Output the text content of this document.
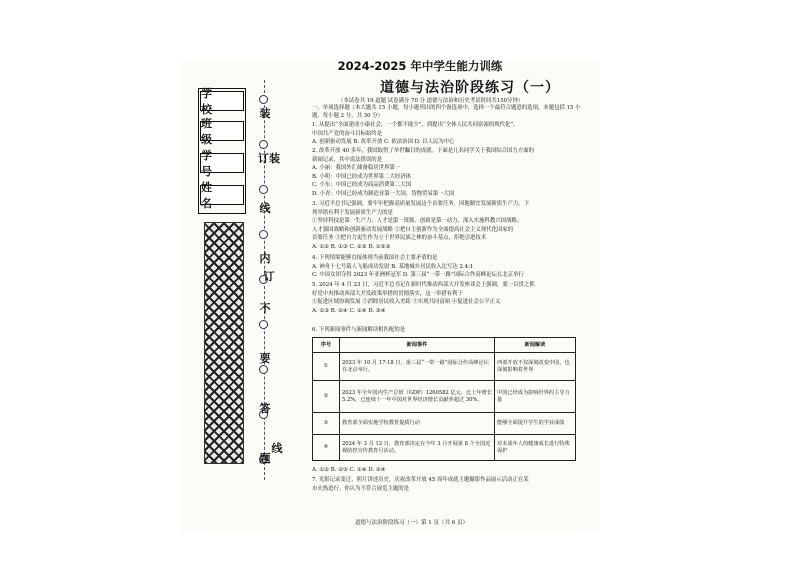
学 校
班 级
学 号
姓 名
装
订装
线
内
不
订
要
答
线
题
2024-2025 年中学生能力训练
道德与法治阶段练习（一）
（本试卷共 19 道题 试卷满分 70 分 道德与法治和历史考试时间共150分钟）
一、单项选择题（本大题共 15 小题，每小题列出的四个备选项中，选择一个最符合题意的选项，本题包括 15 小
题，每小题 2 分，共 30 分）
1. 从提出“全面建成小康社会，一个都不能少”，到提出“全体人民共同富裕的现代化”，
中国共产党的奋斗目标始终是
A. 创新驱动发展 B. 改革开放 C. 依法治国 D. 以人民为中心
2. 改革开放 40 多年，我国取得了举世瞩目的成就。下面是几名同学关于我国综合国力方面的
新闻记录，其中说法错误的是
A. 小丽：我国外汇储备稳居世界第一
B. 小明：中国已经成为世界第二大经济体
C. 小东：中国已经成为商品消费第二大国
D. 小青：中国已经成为制造业第一大国，货物贸易第一大国
3. 习近平总书记强调，要牢牢把握高质量发展这个首要任务，因地制宜发展新质生产力。下
列举措有利于发展新质生产力的是
①坚持科技是第一生产力、人才是第一资源、创新是第一动力，深入实施科教兴国战略、
人才强国战略和创新驱动发展战略 ②把自主创新作为全面提高社会主义现代化国家的
首要任务 ③把自力更生作为立于世界民族之林的奋斗基点，拒绝引进技术
A. ①② B. ①③ C. ②③ D. ①②③
4. 下列情境能够直接体现当前我国社会主要矛盾的是
A. 神舟十七号载人飞船成功发射 B. 某地城乡居民收入比写达 2.4:1
C. 中国女团夺得 2023 年亚洲杯冠军 D. 第三届“一带一路”国际合作高峰论坛在北京举行
5. 2024 年 4 月 23 日，习近平总书记在新时代推动西部大开发座谈会上强调，要一以贯之抓
好党中央推动西部大开发政策举措的贯彻落实，这一举措有利于
①促进区域协调发展 ②消除居民收入差距 ③实现共同富裕 ④促进社会公平正义
A. ①③ B. ②④ C. ①④ D. ③④
6. 下列新闻事件与新闻解读相匹配的是
序号	新闻事件	新闻解读
①	2023 年 10 月 17-18 日，第三届“一带一路”国际合作高峰论坛在北京举行。	西部开放不仅深刻改变中国，也深刻影响着世界
②	2023 年全年国内生产总值（GDP）1260582 亿元，比上年增长 5.2%，已连续十一年中国对世界经济增长贡献率超过 30%。	中国已经成为影响世界的主导力量
③	教育部全面实施学校教育提质行动	能够全面提升学生的学业成绩
④	2024 年 3 月 12 日，教育部决定在今年 3 月开展第 8 个全国近视防控宣传教育月活动。	对未成年人的健康成长进行特殊保护
A. ①② B. ②③ C. ①④ D. ③④
7. 光影记录变迁，照片讲述历史。庆祝改革开放 45 周年成就主题摄影作品展示活动正在某
市火热进行。你认为不符合展览主题的是
道德与法治阶段练习（一）第 1 页（共 6 页）
